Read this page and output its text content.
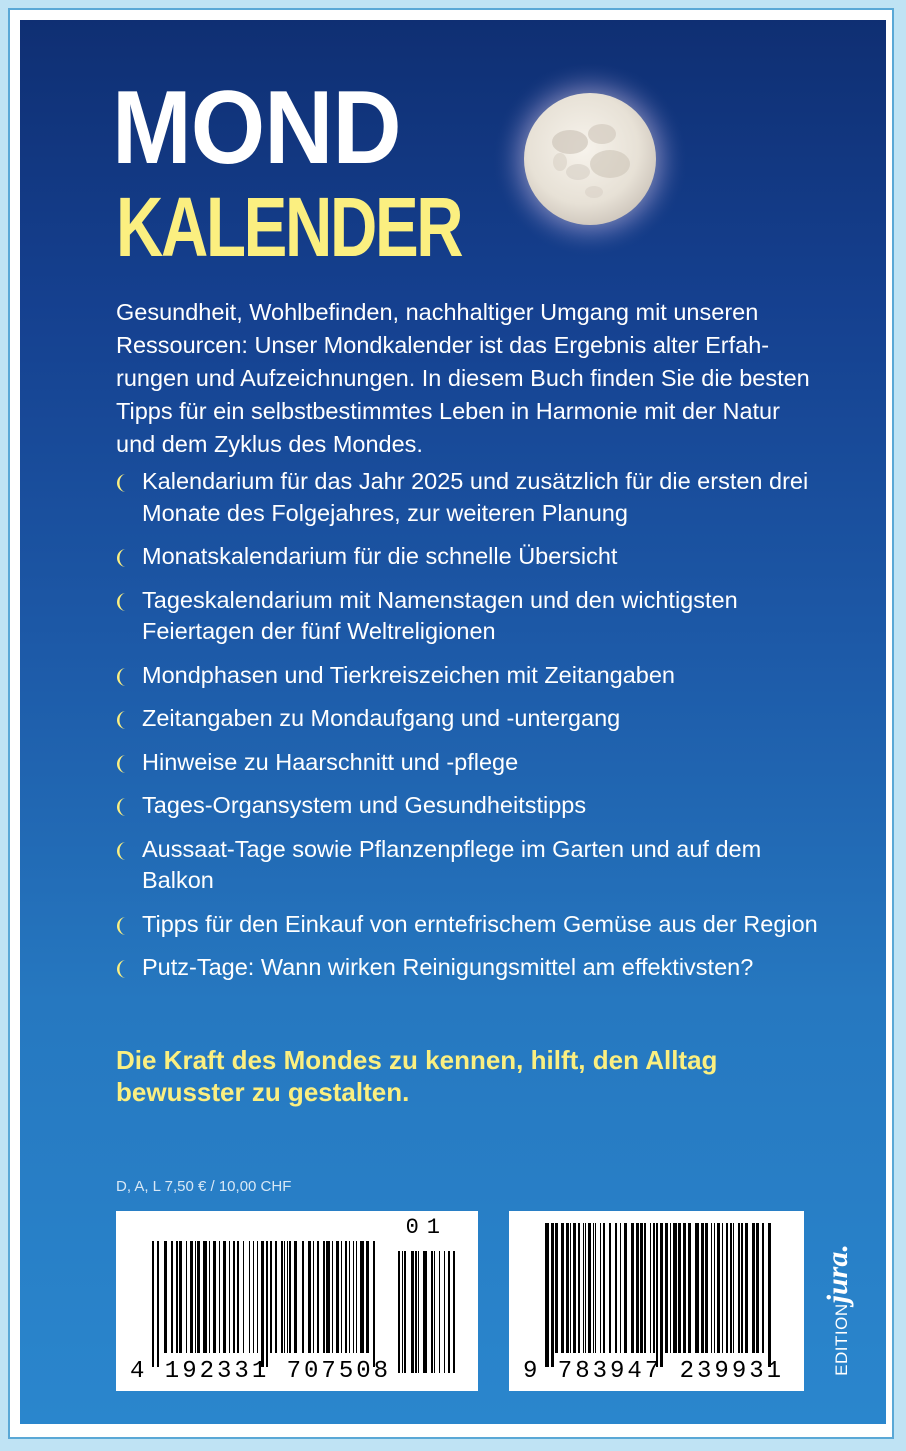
MOND
KALENDER

Gesundheit, Wohlbefinden, nachhaltiger Umgang mit unseren Ressourcen: Unser Mondkalender ist das Ergebnis alter Erfahrungen und Aufzeichnungen. In diesem Buch finden Sie die besten Tipps für ein selbstbestimmtes Leben in Harmonie mit der Natur und dem Zyklus des Mondes.

Kalendarium für das Jahr 2025 und zusätzlich für die ersten drei Monate des Folgejahres, zur weiteren Planung
Monatskalendarium für die schnelle Übersicht
Tageskalendarium mit Namenstagen und den wichtigsten Feiertagen der fünf Weltreligionen
Mondphasen und Tierkreiszeichen mit Zeitangaben
Zeitangaben zu Mondaufgang und -untergang
Hinweise zu Haarschnitt und -pflege
Tages-Organsystem und Gesundheitstipps
Aussaat-Tage sowie Pflanzenpflege im Garten und auf dem Balkon
Tipps für den Einkauf von erntefrischem Gemüse aus der Region
Putz-Tage: Wann wirken Reinigungsmittel am effektivsten?

Die Kraft des Mondes zu kennen, hilft, den Alltag bewusster zu gestalten.

D, A, L 7,50 € / 10,00 CHF
01
4 192331 707508	9 783947 239931	EDITIONjura.
